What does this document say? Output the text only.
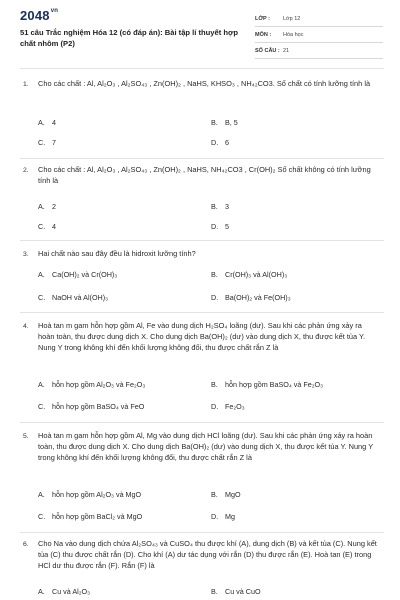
$2048^{vn}$
51 câu Trắc nghiệm Hóa 12 (có đáp án): Bài tập lí thuyết hợp chất nhôm (P2)
LỚP : Lớp 12
MÔN : Hóa học
SỐ CÂU : 21
1. Cho các chất : Al, Al₂O₃ , Al₂SO₄₃ , Zn(OH)₂ , NaHS, KHSO₃ , NH₄₂CO3. Số chất có tính lưỡng tính là
A. 4	B. B, 5
C. 7	D. 6
2. Cho các chất : Al, Al₂O₃ , Al₂SO₄₃ , Zn(OH)₂ , NaHS, NH₄₂CO3 , Cr(OH)₂ Số chất không có tính lưỡng tính là
A. 2	B. 3
C. 4	D. 5
3. Hai chất nào sau đây đều là hidroxit lưỡng tính?
A. Ca(OH)₂ và Cr(OH)₃	B. Cr(OH)₃ và Al(OH)₃
C. NaOH và Al(OH)₃	D. Ba(OH)₂ và Fe(OH)₃
4. Hoà tan m gam hỗn hợp gồm Al, Fe vào dung dịch H₂SO₄ loãng (dư). Sau khi các phản ứng xảy ra hoàn toàn, thu được dung dịch X. Cho dung dịch Ba(OH)₂ (dư) vào dung dịch X, thu được kết tủa Y. Nung Y trong không khí đến khối lượng không đổi, thu được chất rắn Z là
A. hỗn hợp gồm Al₂O₃ và Fe₂O₃	B. hỗn hợp gồm BaSO₄ và Fe₂O₃
C. hỗn hợp gồm BaSO₄ và FeO	D. Fe₂O₃
5. Hoà tan m gam hỗn hợp gồm Al, Mg vào dung dịch HCl loãng (dư). Sau khi các phản ứng xảy ra hoàn toàn, thu được dung dịch X. Cho dung dịch Ba(OH)₂ (dư) vào dung dịch X, thu được kết tủa Y. Nung Y trong không khí đến khối lượng không đổi, thu được chất rắn Z là
A. hỗn hợp gồm Al₂O₃ và MgO	B. MgO
C. hỗn hợp gồm BaCl₂ và MgO	D. Mg
6. Cho Na vào dung dịch chứa Al₂SO₄₃ và CuSO₄ thu được khí (A), dung dịch (B) và kết tủa (C). Nung kết tủa (C) thu được chất rắn (D). Cho khí (A) dư tác dụng với rắn (D) thu được rắn (E). Hoà tan (E) trong HCl dư thu được rắn (F). Rắn (F) là
A. Cu và Al₂O₃	B. Cu và CuO
